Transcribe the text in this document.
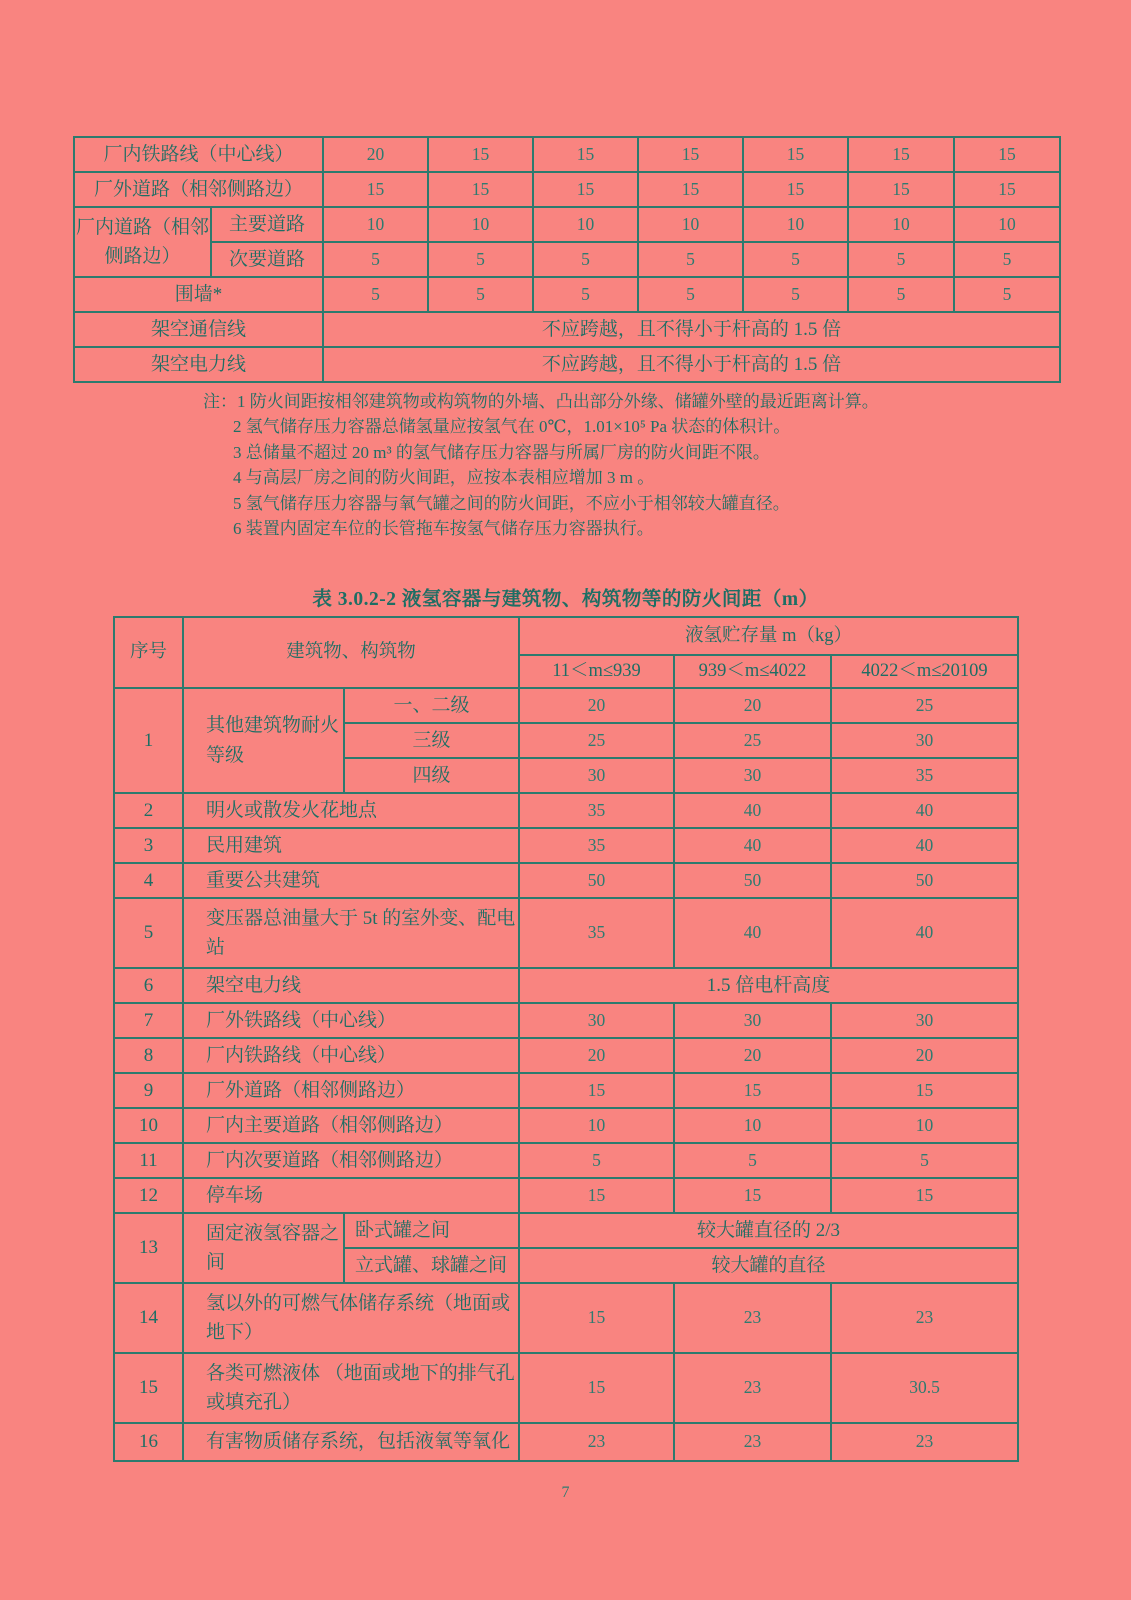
厂内铁路线（中心线）		20	15	15	15	15	15	15
厂外道路（相邻侧路边）		15	15	15	15	15	15	15
厂内道路（相邻侧路边）	主要道路	10	10	10	10	10	10	10
	次要道路	5	5	5	5	5	5	5
围墙*		5	5	5	5	5	5	5
架空通信线		不应跨越，且不得小于杆高的 1.5 倍						
架空电力线		不应跨越，且不得小于杆高的 1.5 倍						
注：1 防火间距按相邻建筑物或构筑物的外墙、凸出部分外缘、储罐外壁的最近距离计算。
2 氢气储存压力容器总储氢量应按氢气在 0℃，1.01×10⁵ Pa 状态的体积计。
3 总储量不超过 20 m³ 的氢气储存压力容器与所属厂房的防火间距不限。
4 与高层厂房之间的防火间距，应按本表相应增加 3 m 。
5 氢气储存压力容器与氧气罐之间的防火间距，不应小于相邻较大罐直径。
6 装置内固定车位的长管拖车按氢气储存压力容器执行。
表 3.0.2-2 液氢容器与建筑物、构筑物等的防火间距（m）
序号	建筑物、构筑物		液氢贮存量 m（kg）		
			11＜m≤939	939＜m≤4022	4022＜m≤20109
1	其他建筑物耐火等级	一、二级	20	20	25
		三级	25	25	30
		四级	30	30	35
2	明火或散发火花地点		35	40	40
3	民用建筑		35	40	40
4	重要公共建筑		50	50	50
5	变压器总油量大于 5t 的室外变、配电站		35	40	40
6	架空电力线		1.5 倍电杆高度		
7	厂外铁路线（中心线）		30	30	30
8	厂内铁路线（中心线）		20	20	20
9	厂外道路（相邻侧路边）		15	15	15
10	厂内主要道路（相邻侧路边）		10	10	10
11	厂内次要道路（相邻侧路边）		5	5	5
12	停车场		15	15	15
13	固定液氢容器之间	卧式罐之间	较大罐直径的 2/3		
		立式罐、球罐之间	较大罐的直径		
14	氢以外的可燃气体储存系统（地面或地下）		15	23	23
15	各类可燃液体 （地面或地下的排气孔或填充孔）		15	23	30.5
16	有害物质储存系统，包括液氧等氧化		23	23	23
7
